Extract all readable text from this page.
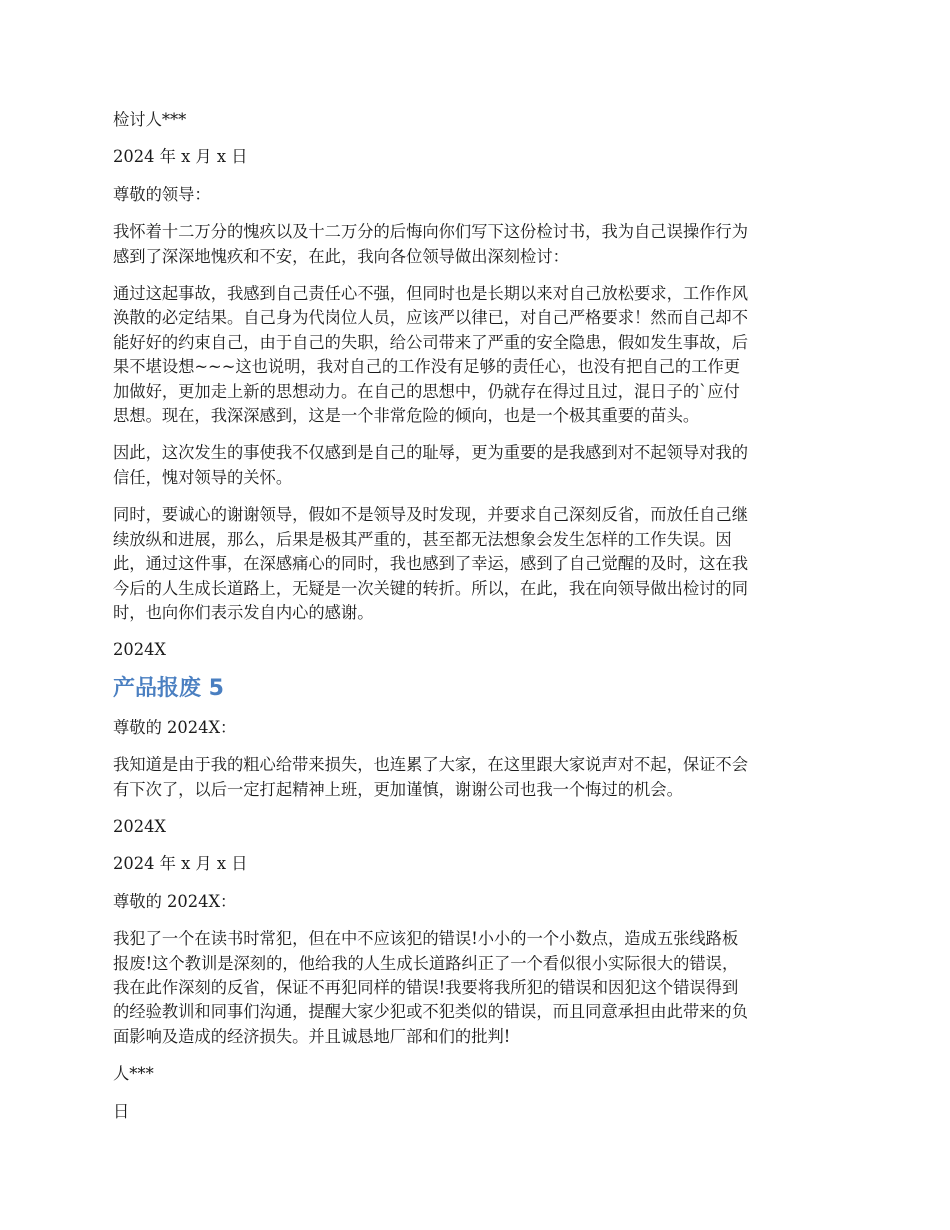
检讨人***

2024 年 x 月 x 日

尊敬的领导：

我怀着十二万分的愧疚以及十二万分的后悔向你们写下这份检讨书，我为自己误操作行为
感到了深深地愧疚和不安，在此，我向各位领导做出深刻检讨：

通过这起事故，我感到自己责任心不强，但同时也是长期以来对自己放松要求，工作作风
涣散的必定结果。自己身为代岗位人员，应该严以律已，对自己严格要求！然而自己却不
能好好的约束自己，由于自己的失职，给公司带来了严重的安全隐患，假如发生事故，后
果不堪设想~~~这也说明，我对自己的工作没有足够的责任心，也没有把自己的工作更
加做好，更加走上新的思想动力。在自己的思想中，仍就存在得过且过，混日子的`应付
思想。现在，我深深感到，这是一个非常危险的倾向，也是一个极其重要的苗头。

因此，这次发生的事使我不仅感到是自己的耻辱，更为重要的是我感到对不起领导对我的
信任，愧对领导的关怀。

同时，要诚心的谢谢领导，假如不是领导及时发现，并要求自己深刻反省，而放任自己继
续放纵和进展，那么，后果是极其严重的，甚至都无法想象会发生怎样的工作失误。因
此，通过这件事，在深感痛心的同时，我也感到了幸运，感到了自己觉醒的及时，这在我
今后的人生成长道路上，无疑是一次关键的转折。所以，在此，我在向领导做出检讨的同
时，也向你们表示发自内心的感谢。

2024X

产品报废 5

尊敬的 2024X：

我知道是由于我的粗心给带来损失，也连累了大家，在这里跟大家说声对不起，保证不会
有下次了，以后一定打起精神上班，更加谨慎，谢谢公司也我一个悔过的机会。

2024X

2024 年 x 月 x 日

尊敬的 2024X：

我犯了一个在读书时常犯，但在中不应该犯的错误!小小的一个小数点，造成五张线路板
报废!这个教训是深刻的，他给我的人生成长道路纠正了一个看似很小实际很大的错误，
我在此作深刻的反省，保证不再犯同样的错误!我要将我所犯的错误和因犯这个错误得到
的经验教训和同事们沟通，提醒大家少犯或不犯类似的错误，而且同意承担由此带来的负
面影响及造成的经济损失。并且诚恳地厂部和们的批判!

人***

日
